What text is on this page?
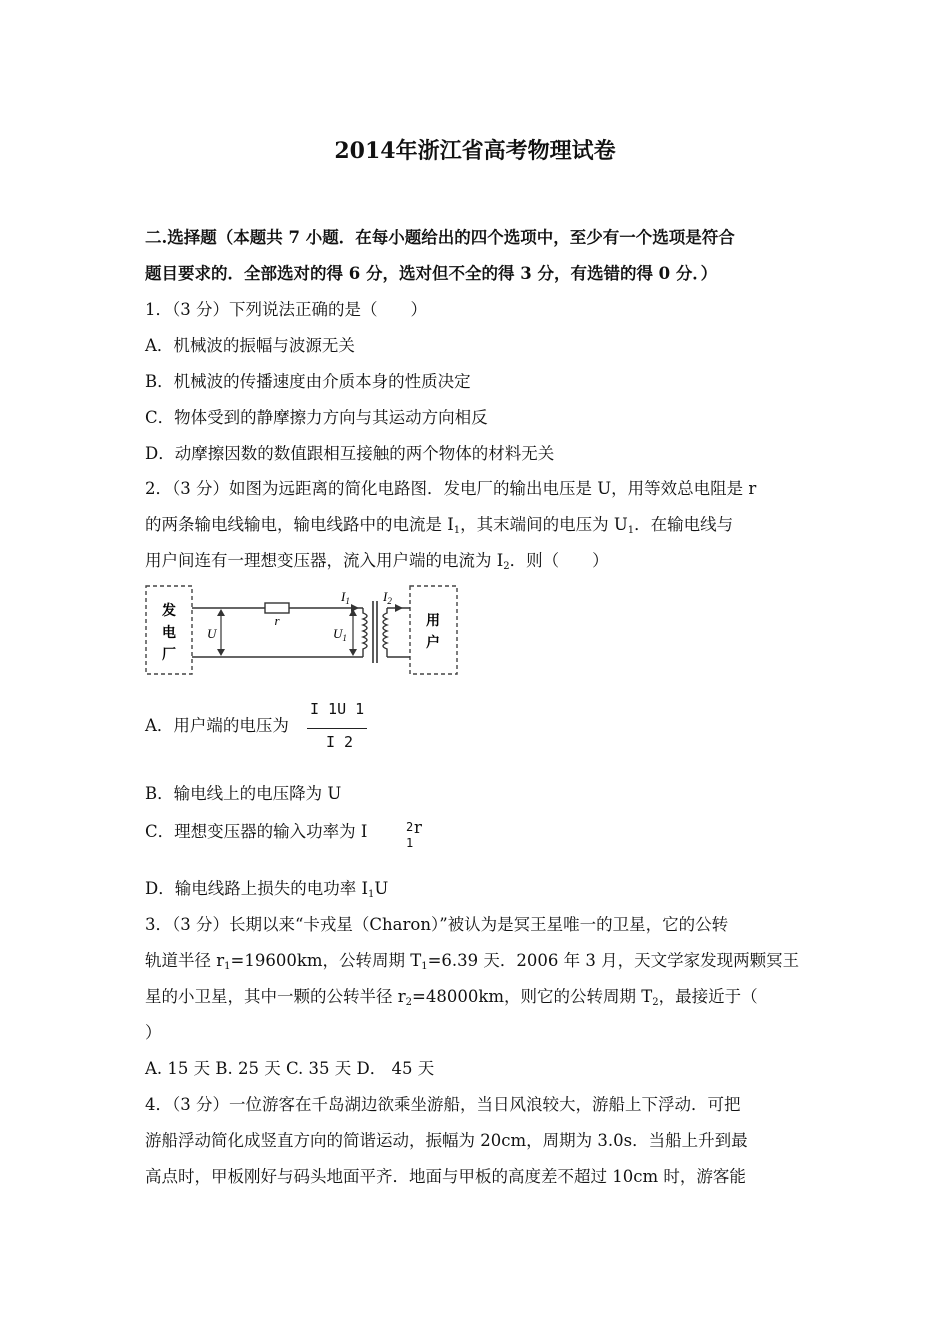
2014年浙江省高考物理试卷
二.选择题（本题共 7 小题．在每小题给出的四个选项中，至少有一个选项是符合
题目要求的．全部选对的得 6 分，选对但不全的得 3 分，有选错的得 0 分．）
1．（3 分）下列说法正确的是（　　）
A．机械波的振幅与波源无关
B．机械波的传播速度由介质本身的性质决定
C．物体受到的静摩擦力方向与其运动方向相反
D．动摩擦因数的数值跟相互接触的两个物体的材料无关
2．（3 分）如图为远距离的简化电路图．发电厂的输出电压是 U，用等效总电阻是 r
的两条输电线输电，输电线路中的电流是 $I_1$，其末端间的电压为 $U_1$．在输电线与
用户间连有一理想变压器，流入用户端的电流为 $I_2$．则（　　）
发
电
厂
用
户
r
U	$U_1$
$I_1$	$I_2$
A．用户端的电压为
I 1U 1
I 2
B．输电线上的电压降为 U
C．理想变压器的输入功率为 I	2 r
1
D．输电线路上损失的电功率 $I_1U$
3．（3 分）长期以来“卡戎星（Charon）”被认为是冥王星唯一的卫星，它的公转
轨道半径 $r_1=19600km$，公转周期 $T_1=6.39$ 天．2006 年 3 月，天文学家发现两颗冥王
星的小卫星，其中一颗的公转半径 $r_2=48000km$，则它的公转周期 $T_2$，最接近于（
）
A. 15 天 B. 25 天 C. 35 天 D． 45 天
4．（3 分）一位游客在千岛湖边欲乘坐游船，当日风浪较大，游船上下浮动．可把
游船浮动简化成竖直方向的简谐运动，振幅为 20cm，周期为 3.0s．当船上升到最
高点时，甲板刚好与码头地面平齐．地面与甲板的高度差不超过 10cm 时，游客能
